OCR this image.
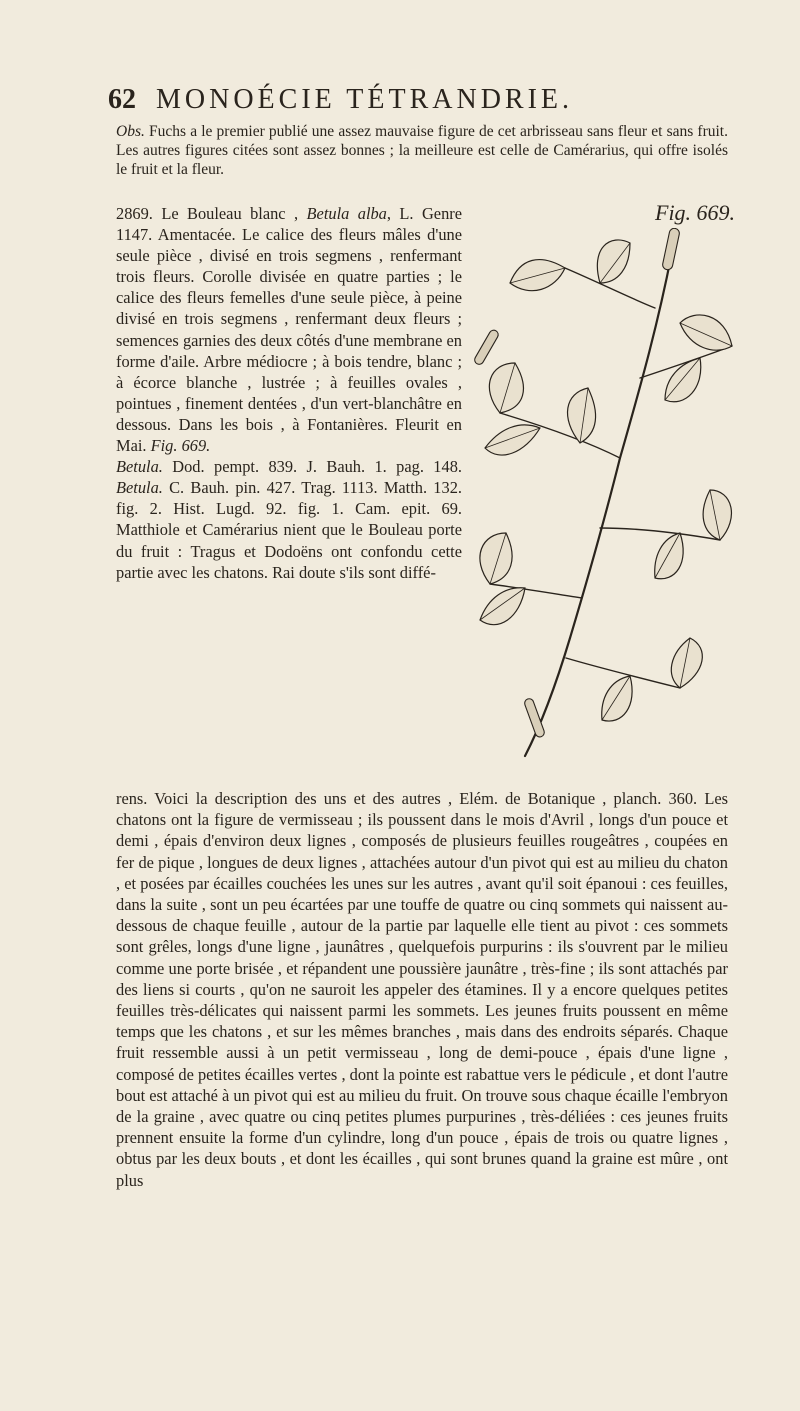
62 MONOÉCIE TÉTRANDRIE.

Obs. Fuchs a le premier publié une assez mauvaise figure de cet arbrisseau sans fleur et sans fruit. Les autres figures citées sont assez bonnes ; la meilleure est celle de Camérarius, qui offre isolés le fruit et la fleur.

2869. Le Bouleau blanc , Betula alba, L. Genre 1147. Amentacée. Le calice des fleurs mâles d'une seule pièce , divisé en trois segmens , renfermant trois fleurs. Corolle divisée en quatre parties ; le calice des fleurs femelles d'une seule pièce, à peine divisé en trois segmens , renfermant deux fleurs ; semences garnies des deux côtés d'une membrane en forme d'aile. Arbre médiocre ; à bois tendre, blanc ; à écorce blanche , lustrée ; à feuilles ovales , pointues , finement dentées , d'un vert-blanchâtre en dessous. Dans les bois , à Fontanières. Fleurit en Mai. Fig. 669.
Betula. Dod. pempt. 839. J. Bauh. 1. pag. 148. Betula. C. Bauh. pin. 427. Trag. 1113. Matth. 132. fig. 2. Hist. Lugd. 92. fig. 1. Cam. epit. 69. Matthiole et Camérarius nient que le Bouleau porte du fruit : Tragus et Dodoëns ont confondu cette partie avec les chatons. Rai doute s'ils sont diffé-

Fig. 669.

rens. Voici la description des uns et des autres , Elém. de Botanique , planch. 360. Les chatons ont la figure de vermisseau ; ils poussent dans le mois d'Avril , longs d'un pouce et demi , épais d'environ deux lignes , composés de plusieurs feuilles rougeâtres , coupées en fer de pique , longues de deux lignes , attachées autour d'un pivot qui est au milieu du chaton , et posées par écailles couchées les unes sur les autres , avant qu'il soit épanoui : ces feuilles, dans la suite , sont un peu écartées par une touffe de quatre ou cinq sommets qui naissent au-dessous de chaque feuille , autour de la partie par laquelle elle tient au pivot : ces sommets sont grêles, longs d'une ligne , jaunâtres , quelquefois purpurins : ils s'ouvrent par le milieu comme une porte brisée , et répandent une poussière jaunâtre , très-fine ; ils sont attachés par des liens si courts , qu'on ne sauroit les appeler des étamines. Il y a encore quelques petites feuilles très-délicates qui naissent parmi les sommets. Les jeunes fruits poussent en même temps que les chatons , et sur les mêmes branches , mais dans des endroits séparés. Chaque fruit ressemble aussi à un petit vermisseau , long de demi-pouce , épais d'une ligne , composé de petites écailles vertes , dont la pointe est rabattue vers le pédicule , et dont l'autre bout est attaché à un pivot qui est au milieu du fruit. On trouve sous chaque écaille l'embryon de la graine , avec quatre ou cinq petites plumes purpurines , très-déliées : ces jeunes fruits prennent ensuite la forme d'un cylindre, long d'un pouce , épais de trois ou quatre lignes , obtus par les deux bouts , et dont les écailles , qui sont brunes quand la graine est mûre , ont plus
